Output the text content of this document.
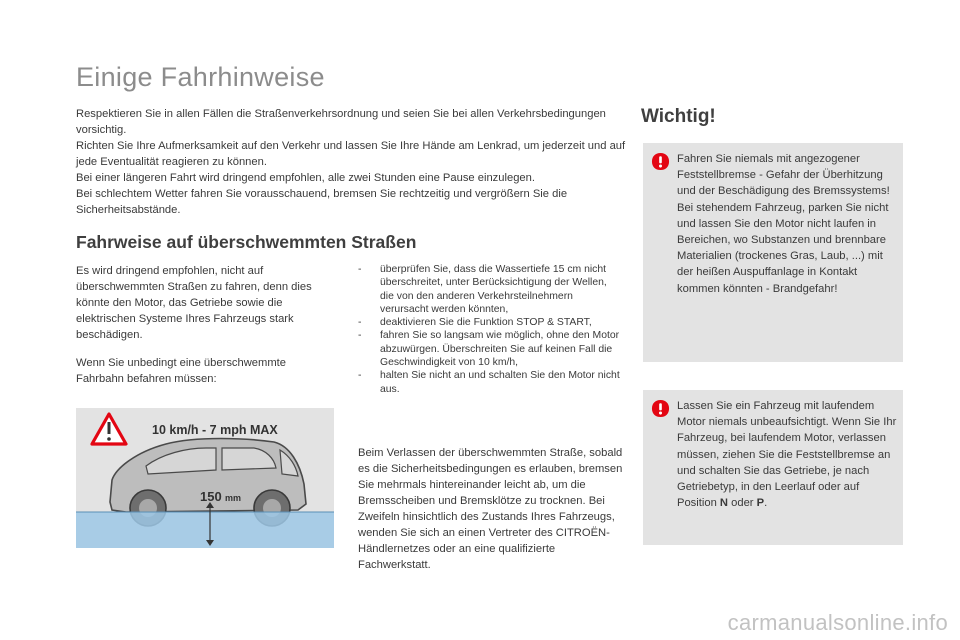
Einige Fahrhinweise

Respektieren Sie in allen Fällen die Straßenverkehrsordnung und seien Sie bei allen Verkehrsbedingungen vorsichtig.

Richten Sie Ihre Aufmerksamkeit auf den Verkehr und lassen Sie Ihre Hände am Lenkrad, um jederzeit und auf jede Eventualität reagieren zu können.

Bei einer längeren Fahrt wird dringend empfohlen, alle zwei Stunden eine Pause einzulegen.

Bei schlechtem Wetter fahren Sie vorausschauend, bremsen Sie rechtzeitig und vergrößern Sie die Sicherheitsabstände.

Fahrweise auf überschwemmten Straßen

Es wird dringend empfohlen, nicht auf überschwemmten Straßen zu fahren, denn dies könnte den Motor, das Getriebe sowie die elektrischen Systeme Ihres Fahrzeugs stark beschädigen.

Wenn Sie unbedingt eine überschwemmte Fahrbahn befahren müssen:

10 km/h - 7 mph MAX
150 mm
-	überprüfen Sie, dass die Wassertiefe 15 cm nicht überschreitet, unter Berücksichtigung der Wellen, die von den anderen Verkehrsteilnehmern verursacht werden könnten,
-	deaktivieren Sie die Funktion STOP & START,
-	fahren Sie so langsam wie möglich, ohne den Motor abzuwürgen. Überschreiten Sie auf keinen Fall die Geschwindigkeit von 10 km/h,
-	halten Sie nicht an und schalten Sie den Motor nicht aus.

Beim Verlassen der überschwemmten Straße, sobald es die Sicherheitsbedingungen es erlauben, bremsen Sie mehrmals hintereinander leicht ab, um die Bremsscheiben und Bremsklötze zu trocknen. Bei Zweifeln hinsichtlich des Zustands Ihres Fahrzeugs, wenden Sie sich an einen Vertreter des CITROËN-Händlernetzes oder an eine qualifizierte Fachwerkstatt.

Wichtig!
Fahren Sie niemals mit angezogener Feststellbremse - Gefahr der Überhitzung und der Beschädigung des Bremssystems! Bei stehendem Fahrzeug, parken Sie nicht und lassen Sie den Motor nicht laufen in Bereichen, wo Substanzen und brennbare Materialien (trockenes Gras, Laub, ...) mit der heißen Auspuffanlage in Kontakt kommen könnten - Brandgefahr!
Lassen Sie ein Fahrzeug mit laufendem Motor niemals unbeaufsichtigt. Wenn Sie Ihr Fahrzeug, bei laufendem Motor, verlassen müssen, ziehen Sie die Feststellbremse an und schalten Sie das Getriebe, je nach Getriebetyp, in den Leerlauf oder auf Position N oder P.
carmanualsonline.info
